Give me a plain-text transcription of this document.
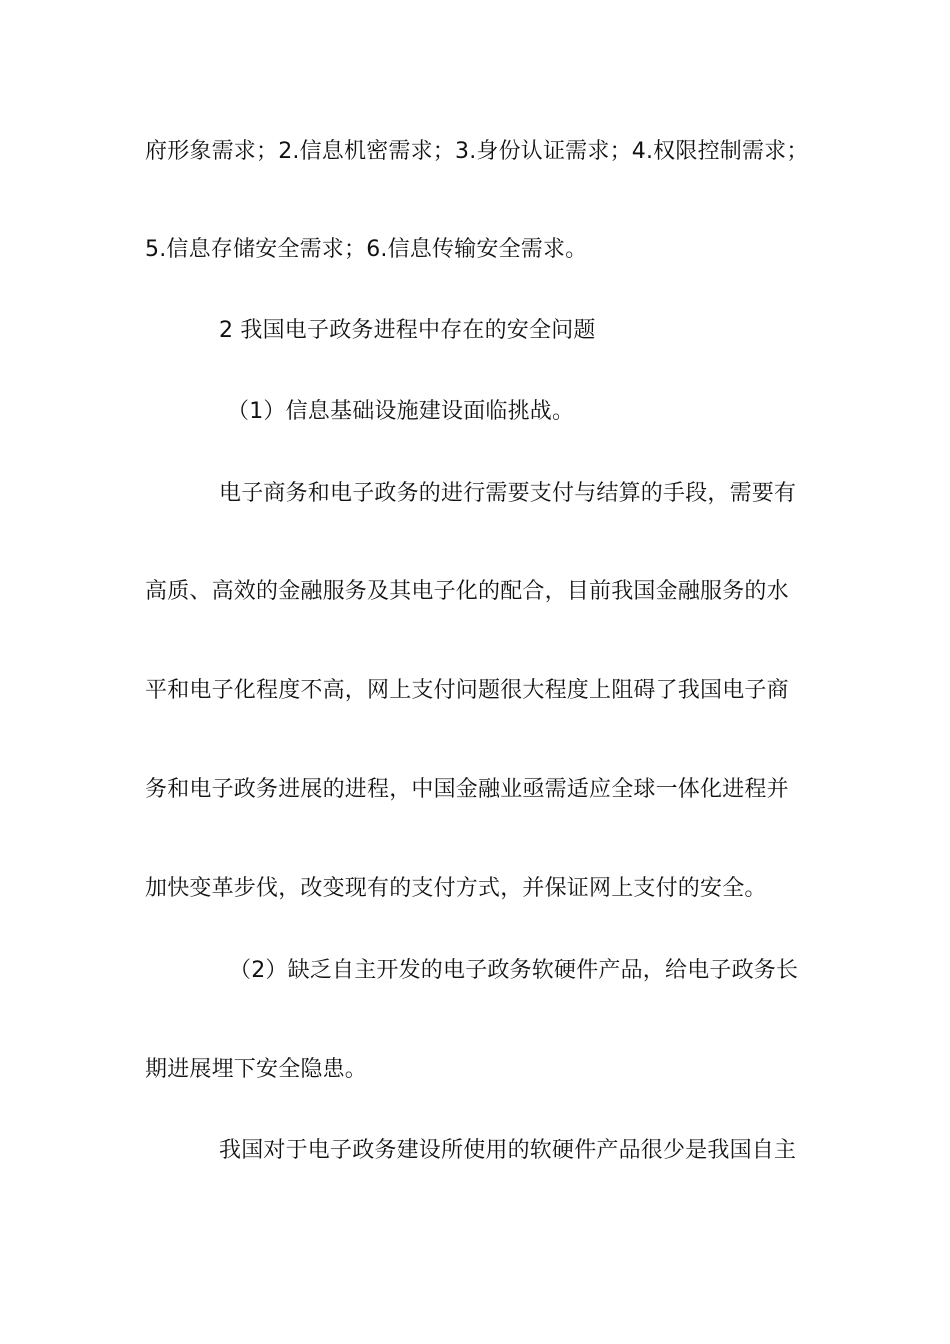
府形象需求；2.信息机密需求；3.身份认证需求；4.权限控制需求；
5.信息存储安全需求；6.信息传输安全需求。
2 我国电子政务进程中存在的安全问题
（1）信息基础设施建设面临挑战。
电子商务和电子政务的进行需要支付与结算的手段，需要有
高质、高效的金融服务及其电子化的配合，目前我国金融服务的水
平和电子化程度不高，网上支付问题很大程度上阻碍了我国电子商
务和电子政务进展的进程，中国金融业亟需适应全球一体化进程并
加快变革步伐，改变现有的支付方式，并保证网上支付的安全。
（2）缺乏自主开发的电子政务软硬件产品，给电子政务长
期进展埋下安全隐患。
我国对于电子政务建设所使用的软硬件产品很少是我国自主
